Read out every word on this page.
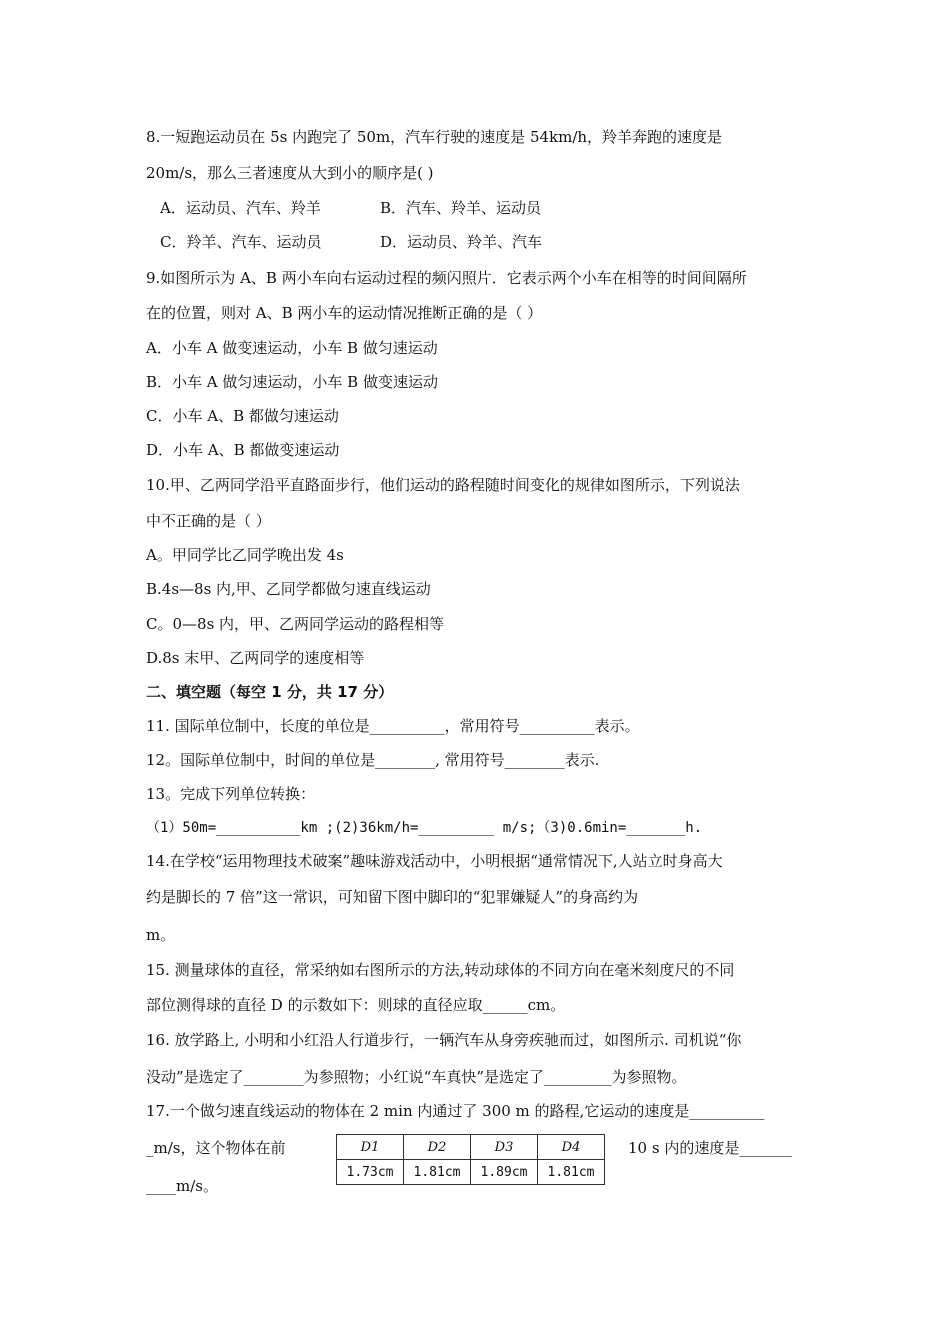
8.一短跑运动员在 5s 内跑完了 50m，汽车行驶的速度是 54km/h，羚羊奔跑的速度是
20m/s，那么三者速度从大到小的顺序是( )
A．运动员、汽车、羚羊	B．汽车、羚羊、运动员
C．羚羊、汽车、运动员	D．运动员、羚羊、汽车
9.如图所示为 A、B 两小车向右运动过程的频闪照片．它表示两个小车在相等的时间间隔所
在的位置，则对 A、B 两小车的运动情况推断正确的是（ ）
A．小车 A 做变速运动，小车 B 做匀速运动
B．小车 A 做匀速运动，小车 B 做变速运动
C．小车 A、B 都做匀速运动
D．小车 A、B 都做变速运动
10.甲、乙两同学沿平直路面步行，他们运动的路程随时间变化的规律如图所示，下列说法
中不正确的是（ ）
A。甲同学比乙同学晚出发 4s
B.4s—8s 内,甲、乙同学都做匀速直线运动
C。0—8s 内，甲、乙两同学运动的路程相等
D.8s 末甲、乙两同学的速度相等
二、填空题（每空 1 分，共 17 分）
11. 国际单位制中，长度的单位是__________，常用符号__________表示。
12。国际单位制中，时间的单位是________, 常用符号________表示.
13。完成下列单位转换：
（1）50m=__________km ;(2)36km/h=_________ m/s;（3)0.6min=_______h.
14.在学校“运用物理技术破案”趣味游戏活动中，小明根据“通常情况下,人站立时身高大
约是脚长的 7 倍”这一常识，可知留下图中脚印的“犯罪嫌疑人”的身高约为
m。
15. 测量球体的直径，常采纳如右图所示的方法,转动球体的不同方向在毫米刻度尺的不同
部位测得球的直径 D 的示数如下：则球的直径应取______cm。
16. 放学路上, 小明和小红沿人行道步行，一辆汽车从身旁疾驰而过，如图所示. 司机说“你
没动”是选定了________为参照物；小红说“车真快”是选定了_________为参照物。
17.一个做匀速直线运动的物体在 2 min 内通过了 300 m 的路程,它运动的速度是__________
_m/s，这个物体在前	10 s 内的速度是_______
____m/s。
D1	D2	D3	D4
1.73cm	1.81cm	1.89cm	1.81cm
